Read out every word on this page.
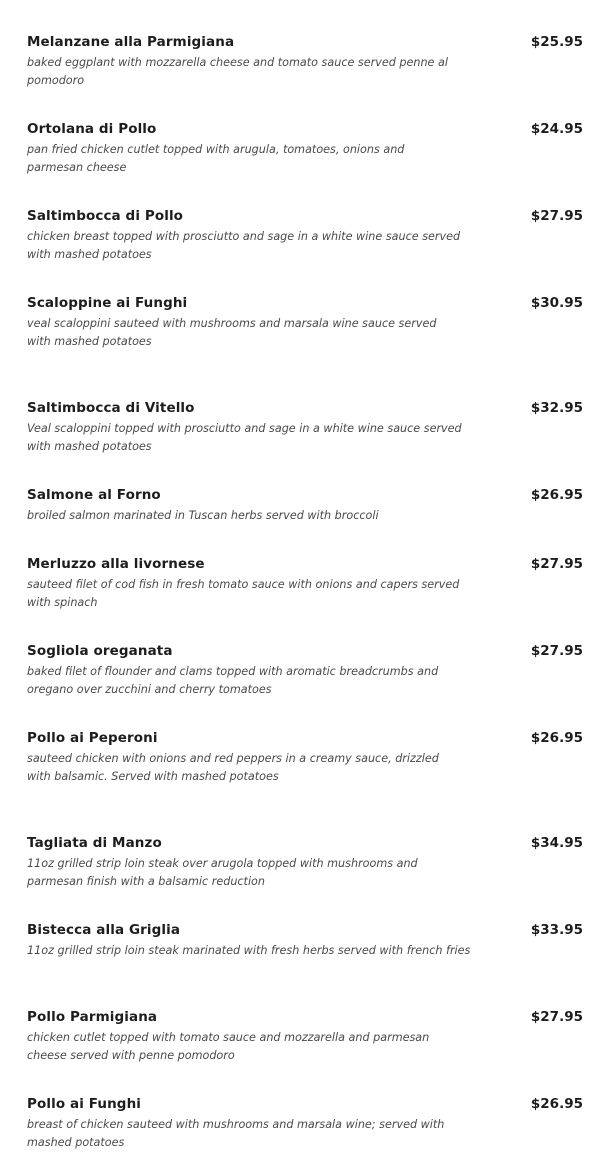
Melanzane alla Parmigiana	$25.95
baked eggplant with mozzarella cheese and tomato sauce served penne al pomodoro
Ortolana di Pollo	$24.95
pan fried chicken cutlet topped with arugula, tomatoes, onions and parmesan cheese
Saltimbocca di Pollo	$27.95
chicken breast topped with prosciutto and sage in a white wine sauce served with mashed potatoes
Scaloppine ai Funghi	$30.95
veal scaloppini sauteed with mushrooms and marsala wine sauce served with mashed potatoes
Saltimbocca di Vitello	$32.95
Veal scaloppini topped with prosciutto and sage in a white wine sauce served with mashed potatoes
Salmone al Forno	$26.95
broiled salmon marinated in Tuscan herbs served with broccoli
Merluzzo alla livornese	$27.95
sauteed filet of cod fish in fresh tomato sauce with onions and capers served with spinach
Sogliola oreganata	$27.95
baked filet of flounder and clams topped with aromatic breadcrumbs and oregano over zucchini and cherry tomatoes
Pollo ai Peperoni	$26.95
sauteed chicken with onions and red peppers in a creamy sauce, drizzled with balsamic. Served with mashed potatoes
Tagliata di Manzo	$34.95
11oz grilled strip loin steak over arugola topped with mushrooms and parmesan finish with a balsamic reduction
Bistecca alla Griglia	$33.95
11oz grilled strip loin steak marinated with fresh herbs served with french fries
Pollo Parmigiana	$27.95
chicken cutlet topped with tomato sauce and mozzarella and parmesan cheese served with penne pomodoro
Pollo ai Funghi	$26.95
breast of chicken sauteed with mushrooms and marsala wine; served with mashed potatoes
